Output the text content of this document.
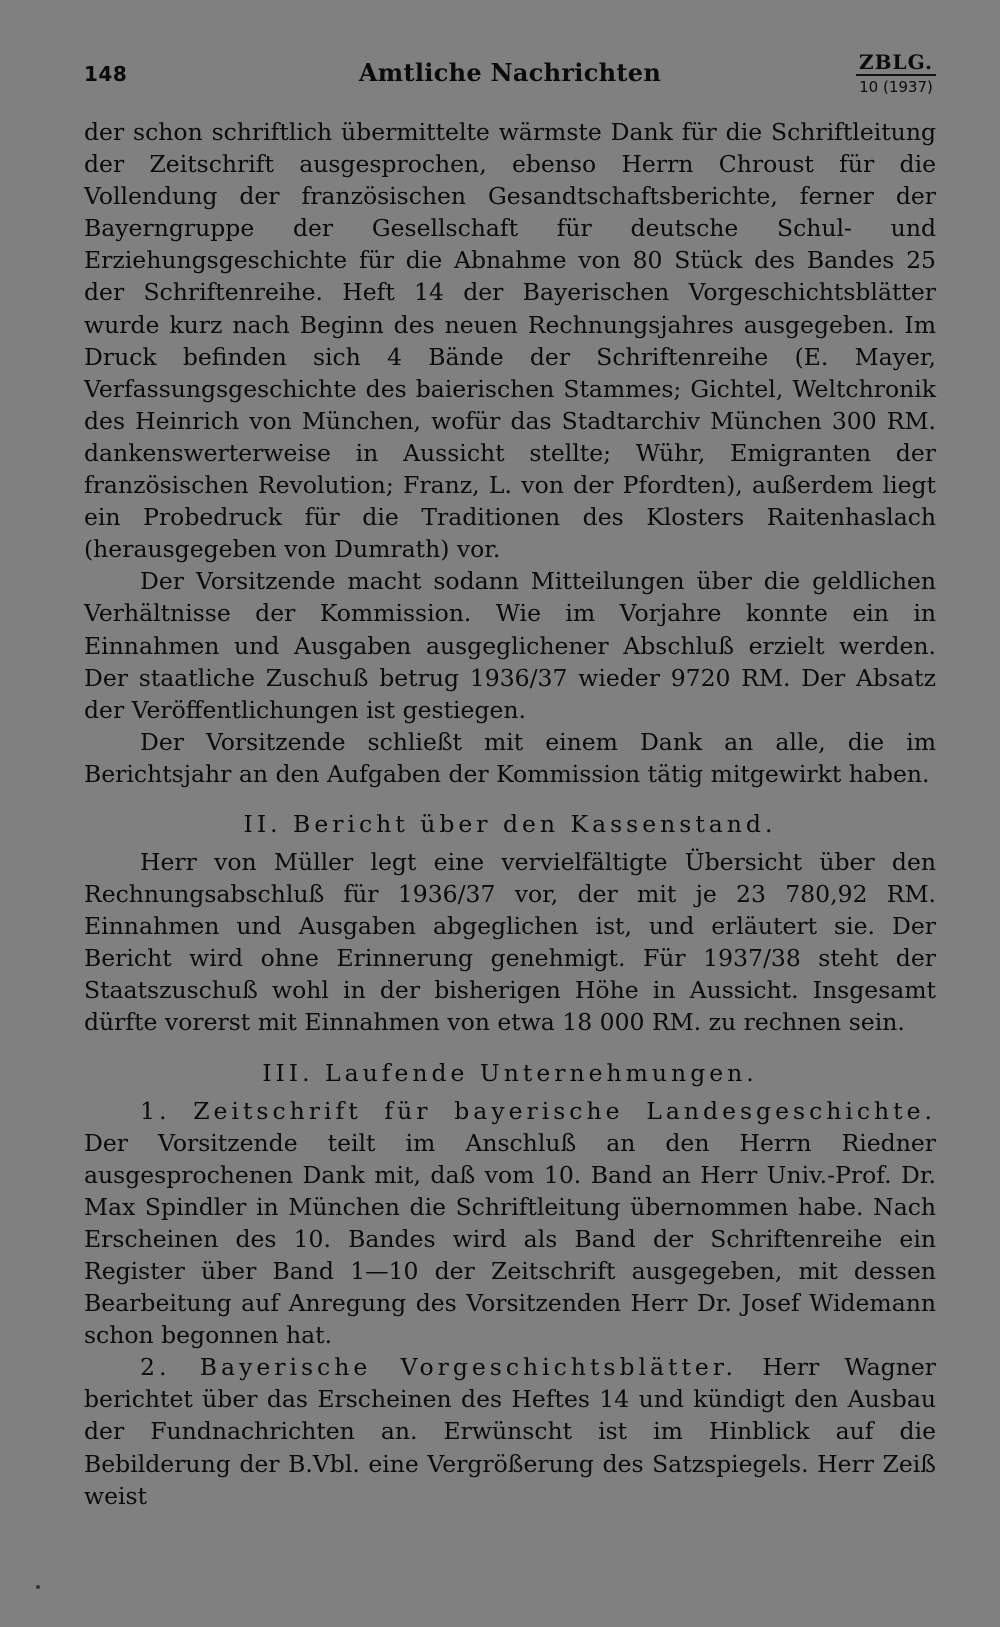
148	Amtliche Nachrichten	ZBLG.
10 (1937)

der schon schriftlich übermittelte wärmste Dank für die Schriftleitung der Zeitschrift ausgesprochen, ebenso Herrn Chroust für die Vollendung der französischen Gesandtschaftsberichte, ferner der Bayerngruppe der Gesellschaft für deutsche Schul- und Erziehungsgeschichte für die Abnahme von 80 Stück des Bandes 25 der Schriftenreihe. Heft 14 der Bayerischen Vorgeschichtsblätter wurde kurz nach Beginn des neuen Rechnungsjahres ausgegeben. Im Druck befinden sich 4 Bände der Schriftenreihe (E. Mayer, Verfassungsgeschichte des baierischen Stammes; Gichtel, Weltchronik des Heinrich von München, wofür das Stadtarchiv München 300 RM. dankenswerterweise in Aussicht stellte; Wühr, Emigranten der französischen Revolution; Franz, L. von der Pfordten), außerdem liegt ein Probedruck für die Traditionen des Klosters Raitenhaslach (herausgegeben von Dumrath) vor.

Der Vorsitzende macht sodann Mitteilungen über die geldlichen Verhältnisse der Kommission. Wie im Vorjahre konnte ein in Einnahmen und Ausgaben ausgeglichener Abschluß erzielt werden. Der staatliche Zuschuß betrug 1936/37 wieder 9720 RM. Der Absatz der Veröffentlichungen ist gestiegen.

Der Vorsitzende schließt mit einem Dank an alle, die im Berichtsjahr an den Aufgaben der Kommission tätig mitgewirkt haben.

II. Bericht über den Kassenstand.

Herr von Müller legt eine vervielfältigte Übersicht über den Rechnungsabschluß für 1936/37 vor, der mit je 23 780,92 RM. Einnahmen und Ausgaben abgeglichen ist, und erläutert sie. Der Bericht wird ohne Erinnerung genehmigt. Für 1937/38 steht der Staatszuschuß wohl in der bisherigen Höhe in Aussicht. Insgesamt dürfte vorerst mit Einnahmen von etwa 18 000 RM. zu rechnen sein.

III. Laufende Unternehmungen.

1. Zeitschrift für bayerische Landesgeschichte. Der Vorsitzende teilt im Anschluß an den Herrn Riedner ausgesprochenen Dank mit, daß vom 10. Band an Herr Univ.-Prof. Dr. Max Spindler in München die Schriftleitung übernommen habe. Nach Erscheinen des 10. Bandes wird als Band der Schriftenreihe ein Register über Band 1—10 der Zeitschrift ausgegeben, mit dessen Bearbeitung auf Anregung des Vorsitzenden Herr Dr. Josef Widemann schon begonnen hat.

2. Bayerische Vorgeschichtsblätter. Herr Wagner berichtet über das Erscheinen des Heftes 14 und kündigt den Ausbau der Fundnachrichten an. Erwünscht ist im Hinblick auf die Bebilderung der B.Vbl. eine Vergrößerung des Satzspiegels. Herr Zeiß weist
